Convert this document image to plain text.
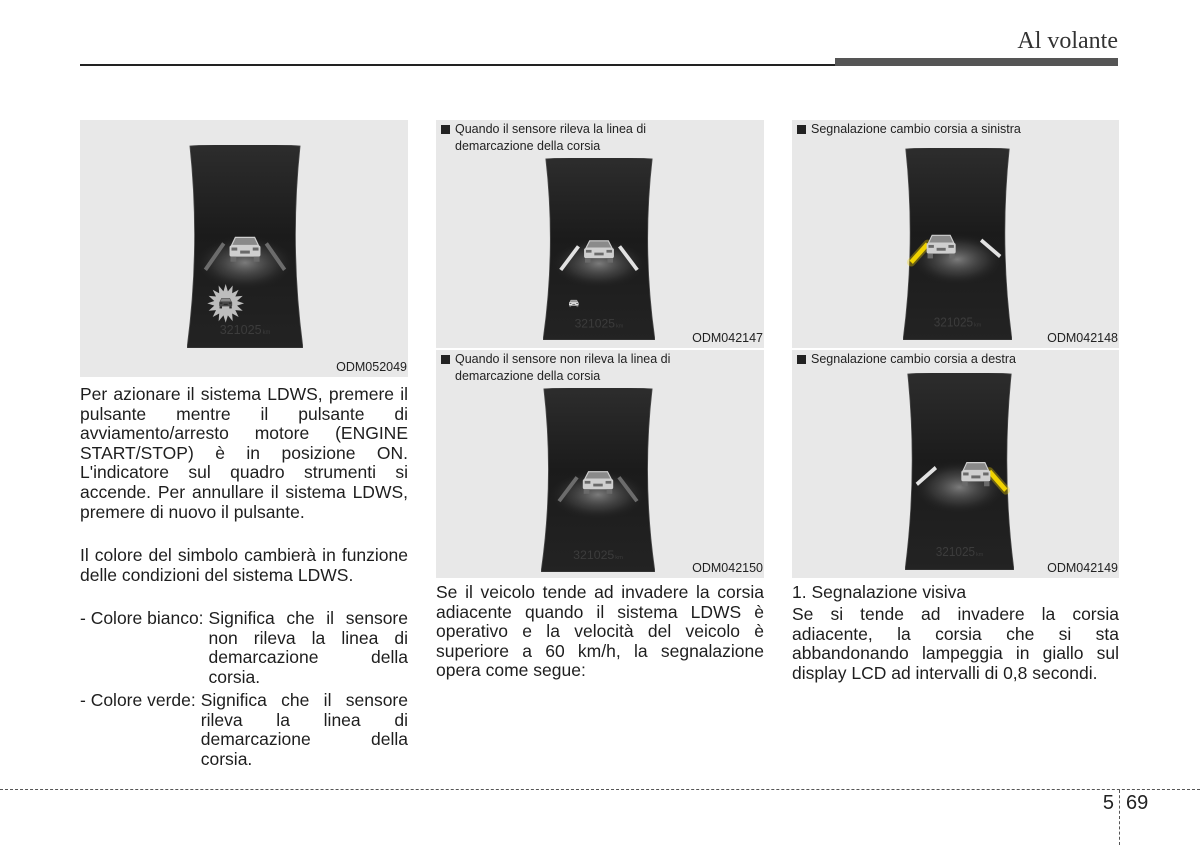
Al volante
321025km
ODM052049

Per azionare il sistema LDWS, premere il pulsante mentre il pulsante di avviamento/arresto motore (ENGINE START/STOP) è in posizione ON. L'indicatore sul quadro strumenti si accende. Per annullare il sistema LDWS, premere di nuovo il pulsante.

Il colore del simbolo cambierà in funzione delle condizioni del sistema LDWS.

- Colore bianco: Significa che il sensore non rileva la linea di demarcazione della corsia.
- Colore verde: Significa che il sensore rileva la linea di demarcazione della corsia.
Quando il sensore rileva la linea di demarcazione della corsia
321025km
ODM042147
Quando il sensore non rileva la linea di demarcazione della corsia
321025km
ODM042150

Se il veicolo tende ad invadere la corsia adiacente quando il sistema LDWS è operativo e la velocità del veicolo è superiore a 60 km/h, la segnalazione opera come segue:

Segnalazione cambio corsia a sinistra
321025km
ODM042148
Segnalazione cambio corsia a destra
321025km
ODM042149

1. Segnalazione visiva

Se si tende ad invadere la corsia adiacente, la corsia che si sta abbandonando lampeggia in giallo sul display LCD ad intervalli di 0,8 secondi.

5 69
